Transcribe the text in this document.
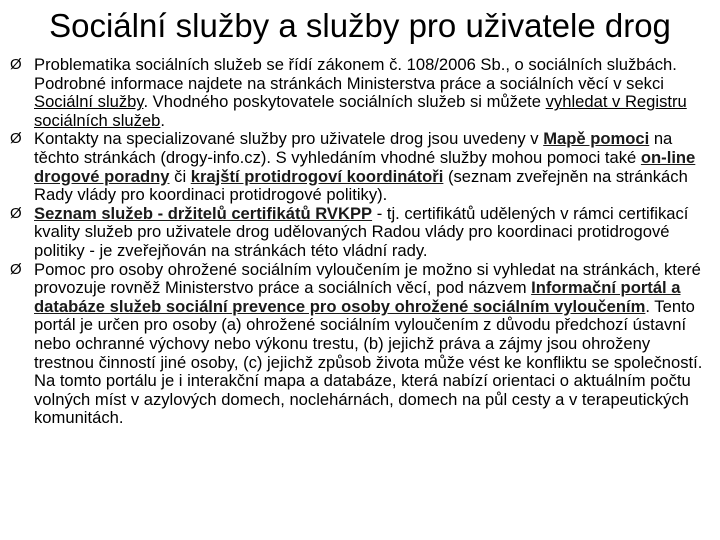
Sociální služby a služby pro uživatele drog
Ø Problematika sociálních služeb se řídí zákonem č. 108/2006 Sb., o sociálních službách. Podrobné informace najdete na stránkách Ministerstva práce a sociálních věcí v sekci Sociální služby. Vhodného poskytovatele sociálních služeb si můžete vyhledat v Registru sociálních služeb.
Ø Kontakty na specializované služby pro uživatele drog jsou uvedeny v Mapě pomoci na těchto stránkách (drogy-info.cz). S vyhledáním vhodné služby mohou pomoci také on-line drogové poradny či krajští protidrogoví koordinátoři (seznam zveřejněn na stránkách Rady vlády pro koordinaci protidrogové politiky).
Ø Seznam služeb - držitelů certifikátů RVKPP - tj. certifikátů udělených v rámci certifikací kvality služeb pro uživatele drog udělovaných Radou vlády pro koordinaci protidrogové politiky - je zveřejňován na stránkách této vládní rady.
Ø Pomoc pro osoby ohrožené sociálním vyloučením je možno si vyhledat na stránkách, které provozuje rovněž Ministerstvo práce a sociálních věcí, pod názvem Informační portál a databáze služeb sociální prevence pro osoby ohrožené sociálním vyloučením. Tento portál je určen pro osoby (a) ohrožené sociálním vyloučením z důvodu předchozí ústavní nebo ochranné výchovy nebo výkonu trestu, (b) jejichž práva a zájmy jsou ohroženy trestnou činností jiné osoby, (c) jejichž způsob života může vést ke konfliktu se společností. Na tomto portálu je i interakční mapa a databáze, která nabízí orientaci o aktuálním počtu volných míst v azylových domech, noclehárnách, domech na půl cesty a v terapeutických komunitách.
